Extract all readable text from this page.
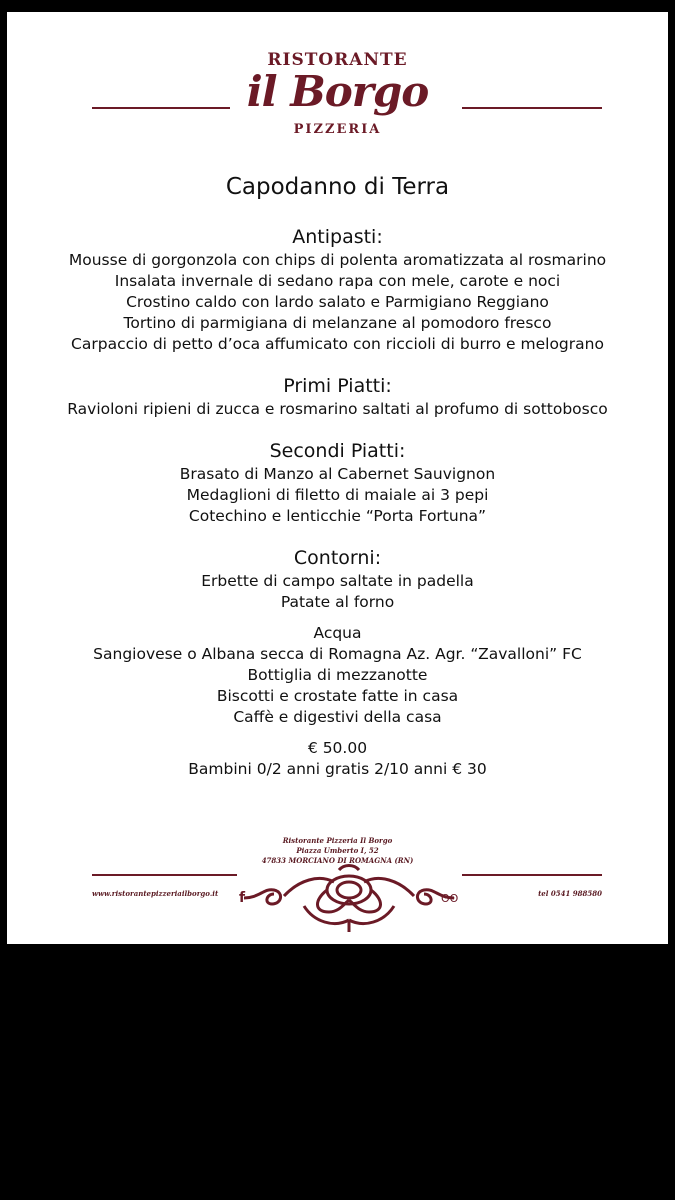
RISTORANTE
il Borgo
PIZZERIA
Capodanno di Terra
Antipasti:
Mousse di gorgonzola con chips di polenta aromatizzata al rosmarino
Insalata invernale di sedano rapa con mele, carote e noci
Crostino caldo con lardo salato e Parmigiano Reggiano
Tortino di parmigiana di melanzane al pomodoro fresco
Carpaccio di petto d’oca affumicato con riccioli di burro e melograno
Primi Piatti:
Ravioloni ripieni di zucca e rosmarino saltati al profumo di sottobosco
Secondi Piatti:
Brasato di Manzo al Cabernet Sauvignon
Medaglioni di filetto di maiale ai 3 pepi
Cotechino e lenticchie “Porta Fortuna”
Contorni:
Erbette di campo saltate in padella
Patate al forno
Acqua
Sangiovese o Albana secca di Romagna Az. Agr. “Zavalloni” FC
Bottiglia di mezzanotte
Biscotti e crostate fatte in casa
Caffè e digestivi della casa
€ 50.00
Bambini 0/2 anni gratis 2/10 anni € 30
Ristorante Pizzeria Il Borgo
Piazza Umberto I, 52
47833 MORCIANO DI ROMAGNA (RN)
www.ristorantepizzeriailborgo.it	tel 0541 988580
f	ʘʘ
